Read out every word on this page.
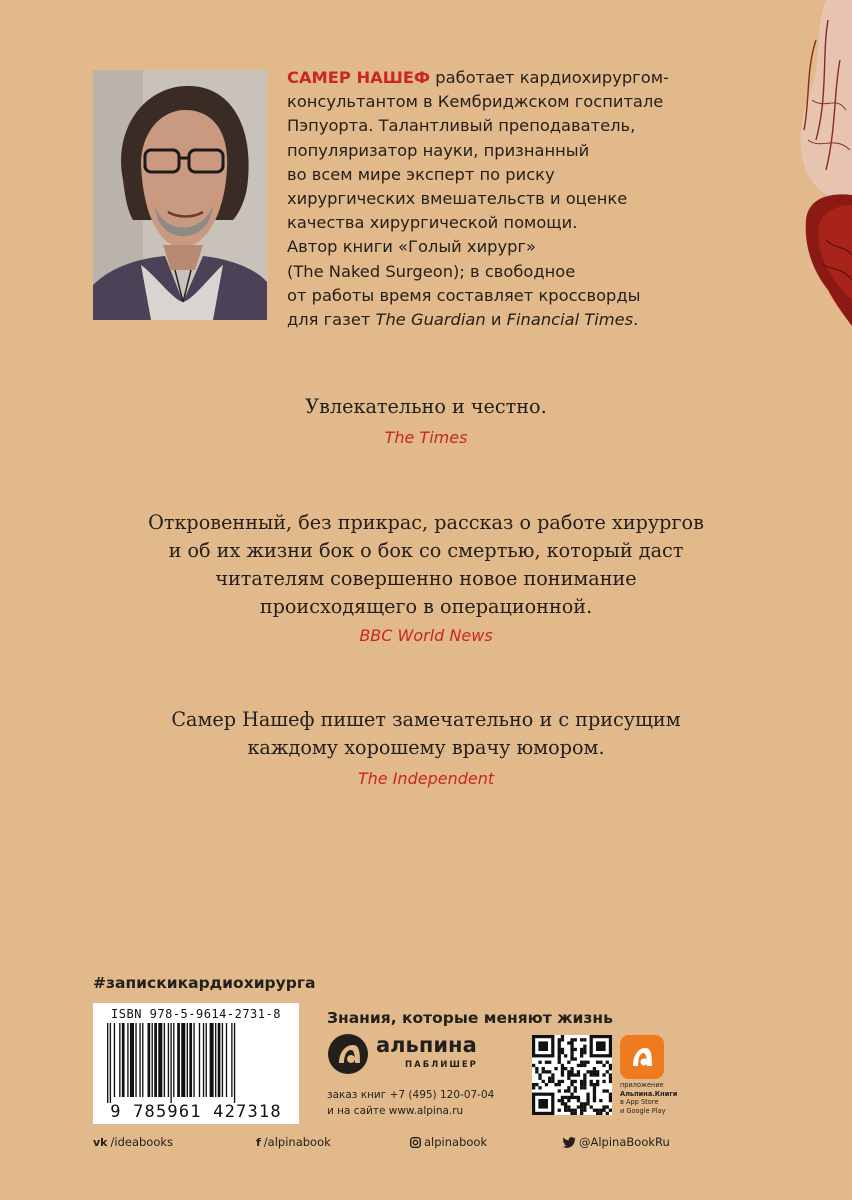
САМЕР НАШЕФ работает кардиохирургом-
консультантом в Кембриджском госпитале
Пэпуорта. Талантливый преподаватель,
популяризатор науки, признанный
во всем мире эксперт по риску
хирургических вмешательств и оценке
качества хирургической помощи.
Автор книги «Голый хирург»
(The Naked Surgeon); в свободное
от работы время составляет кроссворды
для газет The Guardian и Financial Times.
Увлекательно и честно.
The Times
Откровенный, без прикрас, рассказ о работе хирургов
и об их жизни бок о бок со смертью, который даст
читателям совершенно новое понимание
происходящего в операционной.
BBC World News
Самер Нашеф пишет замечательно и с присущим
каждому хорошему врачу юмором.
The Independent
#запискикардиохирурга
ISBN 978-5-9614-2731-8
9 785961 427318
Знания, которые меняют жизнь
альпина
ПАБЛИШЕР
заказ книг +7 (495) 120-07-04
и на сайте www.alpina.ru
приложение
Альпина.Книги
в App Store
и Google Play
vk /ideabooks	f /alpinabook	alpinabook	@AlpinaBookRu
